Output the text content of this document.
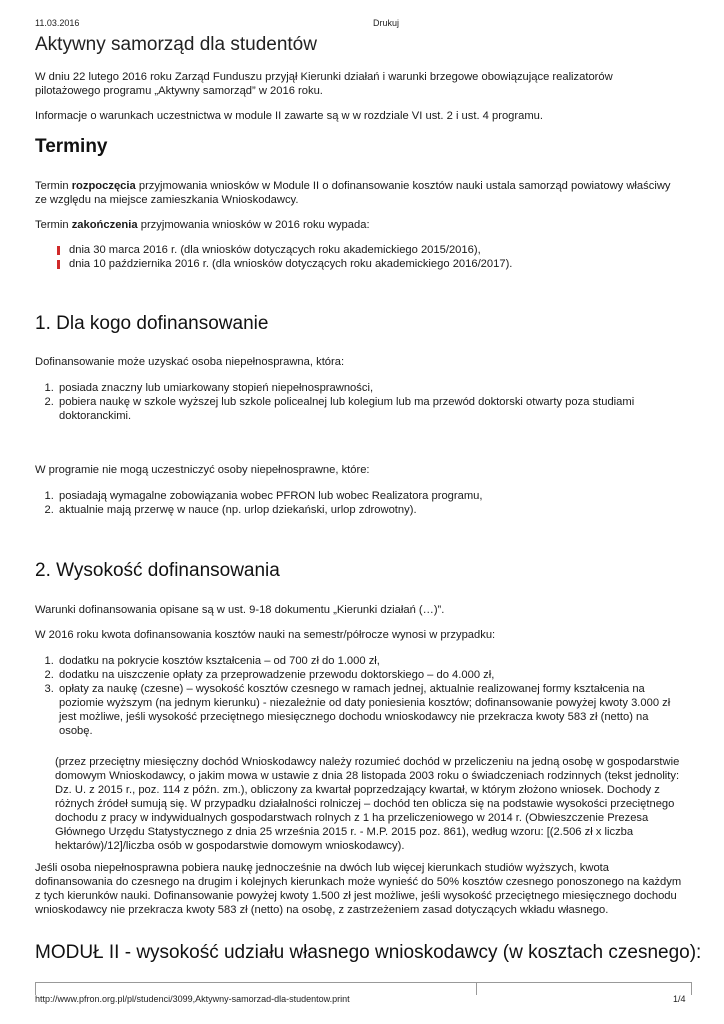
11.03.2016	Drukuj
Aktywny samorząd dla studentów

W dniu 22 lutego 2016 roku Zarząd Funduszu przyjął Kierunki działań i warunki brzegowe obowiązujące realizatorów pilotażowego programu „Aktywny samorząd” w 2016 roku.

Informacje o warunkach uczestnictwa w module II zawarte są w w rozdziale VI ust. 2 i ust. 4 programu.

Terminy

Termin rozpoczęcia przyjmowania wniosków w Module II o dofinansowanie kosztów nauki ustala samorząd powiatowy właściwy ze względu na miejsce zamieszkania Wnioskodawcy.

Termin zakończenia przyjmowania wniosków w 2016 roku wypada:

dnia 30 marca 2016 r. (dla wniosków dotyczących roku akademickiego 2015/2016),
dnia 10 października 2016 r. (dla wniosków dotyczących roku akademickiego 2016/2017).
1. Dla kogo dofinansowanie

Dofinansowanie może uzyskać osoba niepełnosprawna, która:

1. posiada znaczny lub umiarkowany stopień niepełnosprawności,
2. pobiera naukę w szkole wyższej lub szkole policealnej lub kolegium lub ma przewód doktorski otwarty poza studiami doktoranckimi.

W programie nie mogą uczestniczyć osoby niepełnosprawne, które:

1. posiadają wymagalne zobowiązania wobec PFRON lub wobec Realizatora programu,
2. aktualnie mają przerwę w nauce (np. urlop dziekański, urlop zdrowotny).
2. Wysokość dofinansowania

Warunki dofinansowania opisane są w ust. 9-18 dokumentu „Kierunki działań (…)”.

W 2016 roku kwota dofinansowania kosztów nauki na semestr/półrocze wynosi w przypadku:

1. dodatku na pokrycie kosztów kształcenia – od 700 zł do 1.000 zł,
2. dodatku na uiszczenie opłaty za przeprowadzenie przewodu doktorskiego – do 4.000 zł,
3. opłaty za naukę (czesne) – wysokość kosztów czesnego w ramach jednej, aktualnie realizowanej formy kształcenia na poziomie wyższym (na jednym kierunku) - niezależnie od daty poniesienia kosztów; dofinansowanie powyżej kwoty 3.000 zł jest możliwe, jeśli wysokość przeciętnego miesięcznego dochodu wnioskodawcy nie przekracza kwoty 583 zł (netto) na osobę.

(przez przeciętny miesięczny dochód Wnioskodawcy należy rozumieć dochód w przeliczeniu na jedną osobę w gospodarstwie domowym Wnioskodawcy, o jakim mowa w ustawie z dnia 28 listopada 2003 roku o świadczeniach rodzinnych (tekst jednolity: Dz. U. z 2015 r., poz. 114 z późn. zm.), obliczony za kwartał poprzedzający kwartał, w którym złożono wniosek. Dochody z różnych źródeł sumują się. W przypadku działalności rolniczej – dochód ten oblicza się na podstawie wysokości przeciętnego dochodu z pracy w indywidualnych gospodarstwach rolnych z 1 ha przeliczeniowego w 2014 r. (Obwieszczenie Prezesa Głównego Urzędu Statystycznego z dnia 25 września 2015 r. - M.P. 2015 poz. 861), według wzoru: [(2.506 zł x liczba hektarów)/12]/liczba osób w gospodarstwie domowym wnioskodawcy).

Jeśli osoba niepełnosprawna pobiera naukę jednocześnie na dwóch lub więcej kierunkach studiów wyższych, kwota dofinansowania do czesnego na drugim i kolejnych kierunkach może wynieść do 50% kosztów czesnego ponoszonego na każdym z tych kierunków nauki. Dofinansowanie powyżej kwoty 1.500 zł jest możliwe, jeśli wysokość przeciętnego miesięcznego dochodu wnioskodawcy nie przekracza kwoty 583 zł (netto) na osobę, z zastrzeżeniem zasad dotyczących wkładu własnego.

MODUŁ II - wysokość udziału własnego wnioskodawcy (w kosztach czesnego):
http://www.pfron.org.pl/pl/studenci/3099,Aktywny-samorzad-dla-studentow.print	1/4
